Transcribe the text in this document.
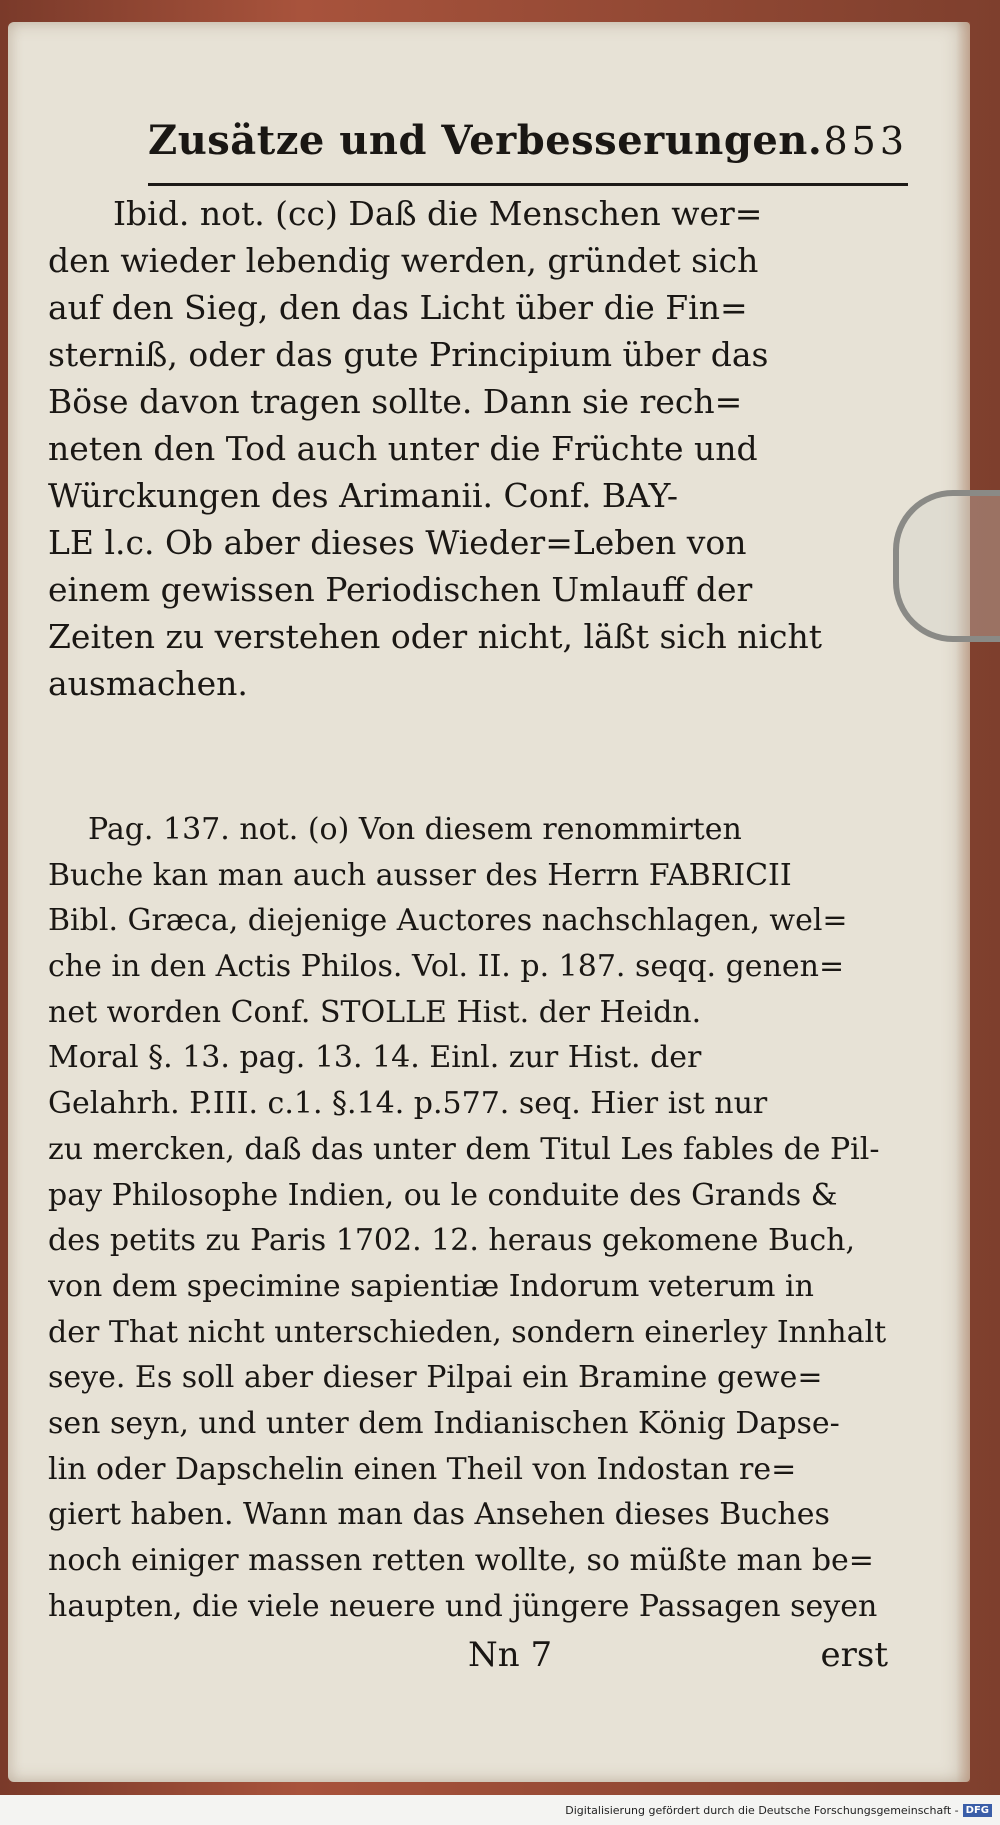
Zusätze und Verbesserungen. 853
Ibid. not. (cc) Daß die Menschen wer=
den wieder lebendig werden, gründet sich
auf den Sieg, den das Licht über die Fin=
sterniß, oder das gute Principium über das
Böse davon tragen sollte. Dann sie rech=
neten den Tod auch unter die Früchte und
Würckungen des Arimanii. Conf. BAY-
LE l.c. Ob aber dieses Wieder=Leben von
einem gewissen Periodischen Umlauff der
Zeiten zu verstehen oder nicht, läßt sich nicht
ausmachen.
Pag. 137. not. (o) Von diesem renommirten
Buche kan man auch ausser des Herrn FABRICII
Bibl. Græca, diejenige Auctores nachschlagen, wel=
che in den Actis Philos. Vol. II. p. 187. seqq. genen=
net worden Conf. STOLLE Hist. der Heidn.
Moral §. 13. pag. 13. 14. Einl. zur Hist. der
Gelahrh. P.III. c.1. §.14. p.577. seq. Hier ist nur
zu mercken, daß das unter dem Titul Les fables de Pil-
pay Philosophe Indien, ou le conduite des Grands &
des petits zu Paris 1702. 12. heraus gekomene Buch,
von dem specimine sapientiæ Indorum veterum in
der That nicht unterschieden, sondern einerley Innhalt
seye. Es soll aber dieser Pilpai ein Bramine gewe=
sen seyn, und unter dem Indianischen König Dapse-
lin oder Dapschelin einen Theil von Indostan re=
giert haben. Wann man das Ansehen dieses Buches
noch einiger massen retten wollte, so müßte man be=
haupten, die viele neuere und jüngere Passagen seyen
Nn 7	erst
Digitalisierung gefördert durch die Deutsche Forschungsgemeinschaft - DFG
